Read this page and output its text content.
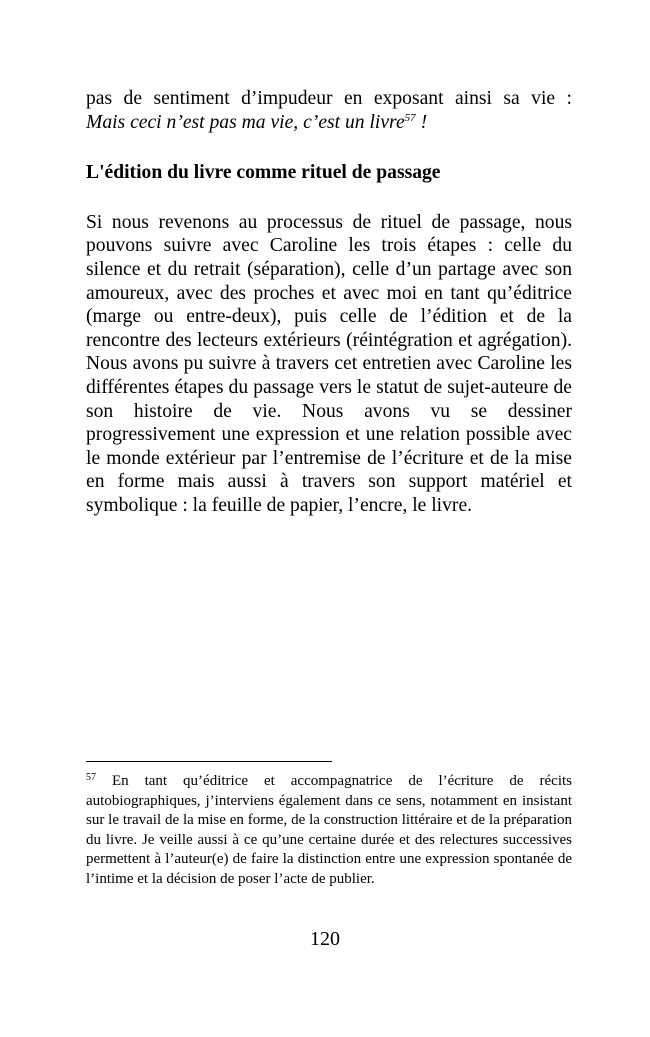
pas de sentiment d’impudeur en exposant ainsi sa vie :

Mais ceci n’est pas ma vie, c’est un livre$^{57}$ !

L'édition du livre comme rituel de passage

Si nous revenons au processus de rituel de passage, nous pouvons suivre avec Caroline les trois étapes : celle du silence et du retrait (séparation), celle d’un partage avec son amoureux, avec des proches et avec moi en tant qu’éditrice (marge ou entre-deux), puis celle de l’édition et de la rencontre des lecteurs extérieurs (réintégration et agrégation). Nous avons pu suivre à travers cet entretien avec Caroline les différentes étapes du passage vers le statut de sujet-auteure de son histoire de vie. Nous avons vu se dessiner progressivement une expression et une relation possible avec le monde extérieur par l’entremise de l’écriture et de la mise en forme mais aussi à travers son support matériel et symbolique : la feuille de papier, l’encre, le livre.

$^{57}$ En tant qu’éditrice et accompagnatrice de l’écriture de récits autobiographiques, j’interviens également dans ce sens, notamment en insistant sur le travail de la mise en forme, de la construction littéraire et de la préparation du livre. Je veille aussi à ce qu’une certaine durée et des relectures successives permettent à l’auteur(e) de faire la distinction entre une expression spontanée de l’intime et la décision de poser l’acte de publier.

120
